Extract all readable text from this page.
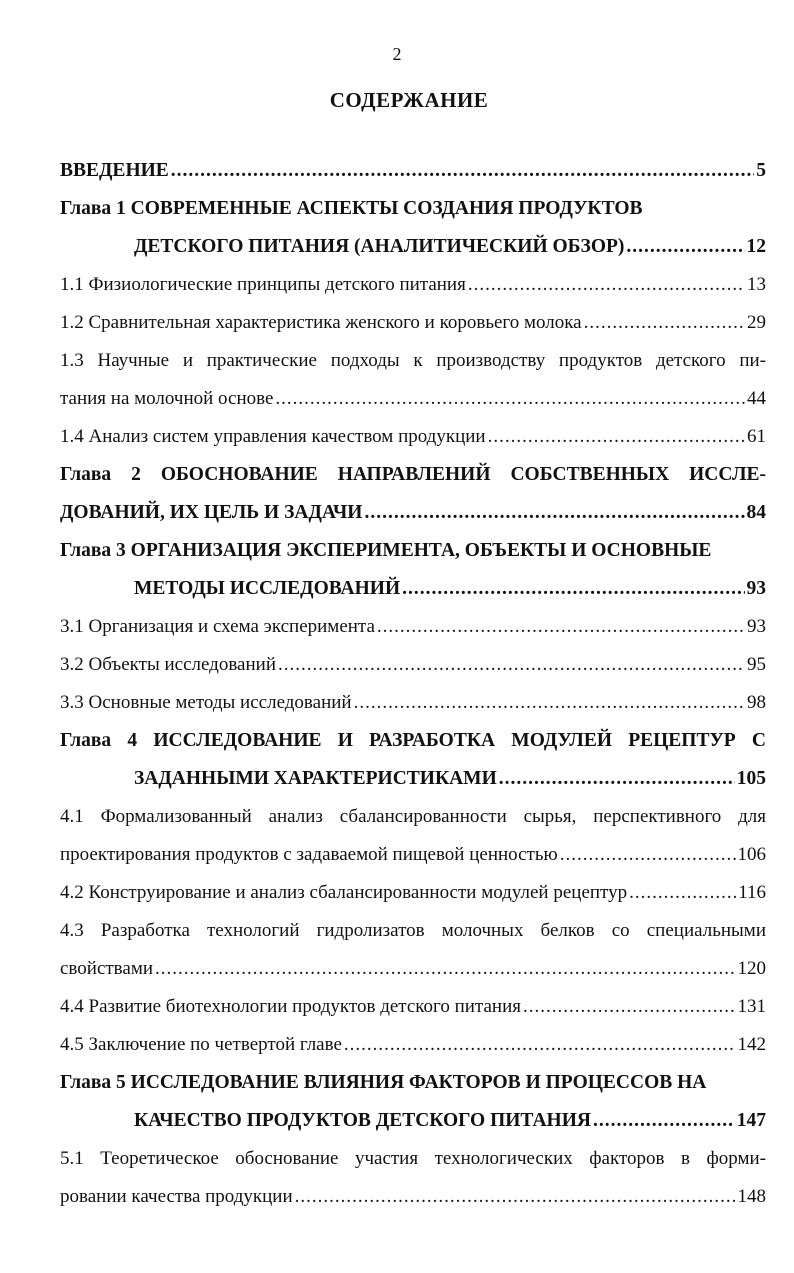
2
СОДЕРЖАНИЕ
ВВЕДЕНИЕ .....	5
Глава 1 СОВРЕМЕННЫЕ АСПЕКТЫ СОЗДАНИЯ ПРОДУКТОВ
ДЕТСКОГО ПИТАНИЯ (АНАЛИТИЧЕСКИЙ ОБЗОР) .....	12
1.1 Физиологические принципы детского питания .....	13
1.2 Сравнительная характеристика женского и коровьего молока .....	29
1.3 Научные и практические подходы к производству продуктов детского пи-
тания на молочной основе .....	44
1.4 Анализ систем управления качеством продукции .....	61
Глава 2 ОБОСНОВАНИЕ НАПРАВЛЕНИЙ СОБСТВЕННЫХ ИССЛЕ-
ДОВАНИЙ, ИХ ЦЕЛЬ И ЗАДАЧИ .....	84
Глава 3 ОРГАНИЗАЦИЯ ЭКСПЕРИМЕНТА, ОБЪЕКТЫ И ОСНОВНЫЕ
МЕТОДЫ ИССЛЕДОВАНИЙ .....	93
3.1 Организация и схема эксперимента .....	93
3.2 Объекты исследований .....	95
3.3 Основные методы исследований .....	98
Глава 4 ИССЛЕДОВАНИЕ И РАЗРАБОТКА МОДУЛЕЙ РЕЦЕПТУР С
ЗАДАННЫМИ ХАРАКТЕРИСТИКАМИ .....	105
4.1 Формализованный анализ сбалансированности сырья, перспективного для
проектирования продуктов с задаваемой пищевой ценностью .....	106
4.2 Конструирование и анализ сбалансированности модулей рецептур .....	116
4.3 Разработка технологий гидролизатов молочных белков со специальными
свойствами .....	120
4.4 Развитие биотехнологии продуктов детского питания .....	131
4.5 Заключение по четвертой главе .....	142
Глава 5 ИССЛЕДОВАНИЕ ВЛИЯНИЯ ФАКТОРОВ И ПРОЦЕССОВ НА
КАЧЕСТВО ПРОДУКТОВ ДЕТСКОГО ПИТАНИЯ .....	147
5.1 Теоретическое обоснование участия технологических факторов в форми-
ровании качества продукции .....	148
